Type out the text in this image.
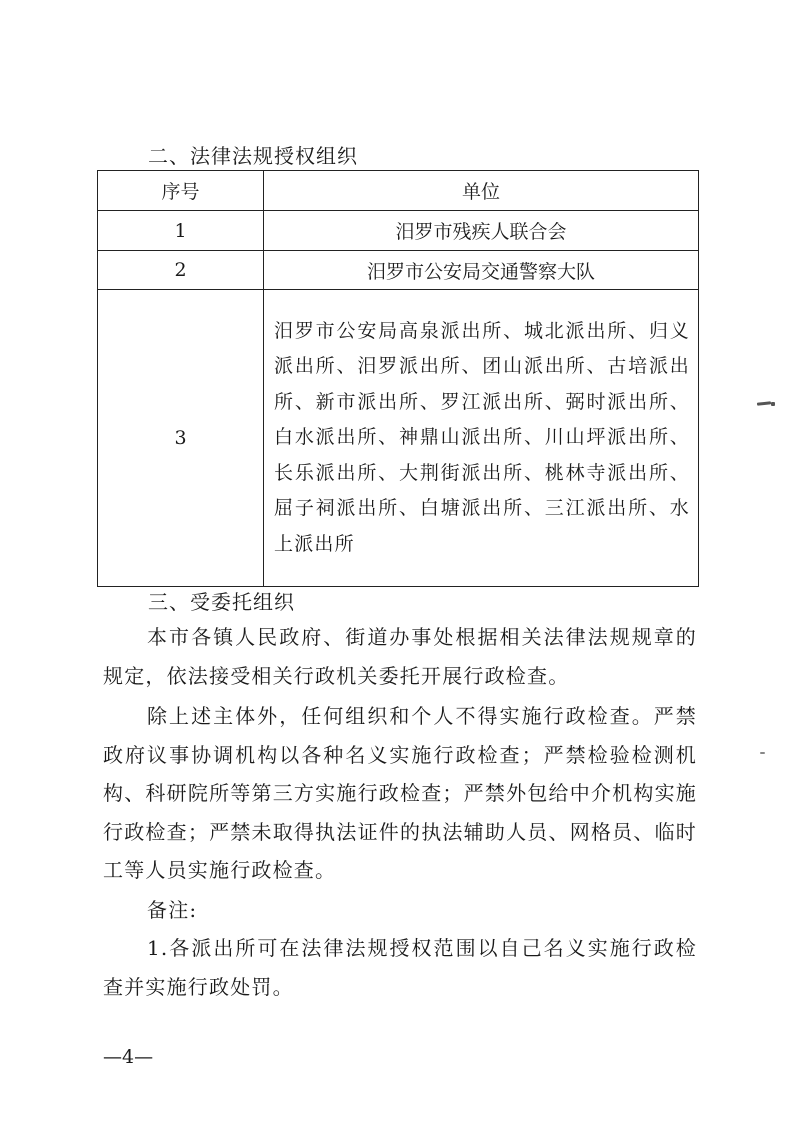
二、法律法规授权组织
序号	单位
1	汨罗市残疾人联合会
2	汨罗市公安局交通警察大队
3	汨罗市公安局高泉派出所、城北派出所、归义派出所、汨罗派出所、团山派出所、古培派出所、新市派出所、罗江派出所、弼时派出所、白水派出所、神鼎山派出所、川山坪派出所、长乐派出所、大荆街派出所、桃林寺派出所、屈子祠派出所、白塘派出所、三江派出所、水上派出所
三、受委托组织

本市各镇人民政府、街道办事处根据相关法律法规规章的规定，依法接受相关行政机关委托开展行政检查。

除上述主体外，任何组织和个人不得实施行政检查。严禁政府议事协调机构以各种名义实施行政检查；严禁检验检测机构、科研院所等第三方实施行政检查；严禁外包给中介机构实施行政检查；严禁未取得执法证件的执法辅助人员、网格员、临时工等人员实施行政检查。

备注:

1.各派出所可在法律法规授权范围以自己名义实施行政检查并实施行政处罚。

—4—
